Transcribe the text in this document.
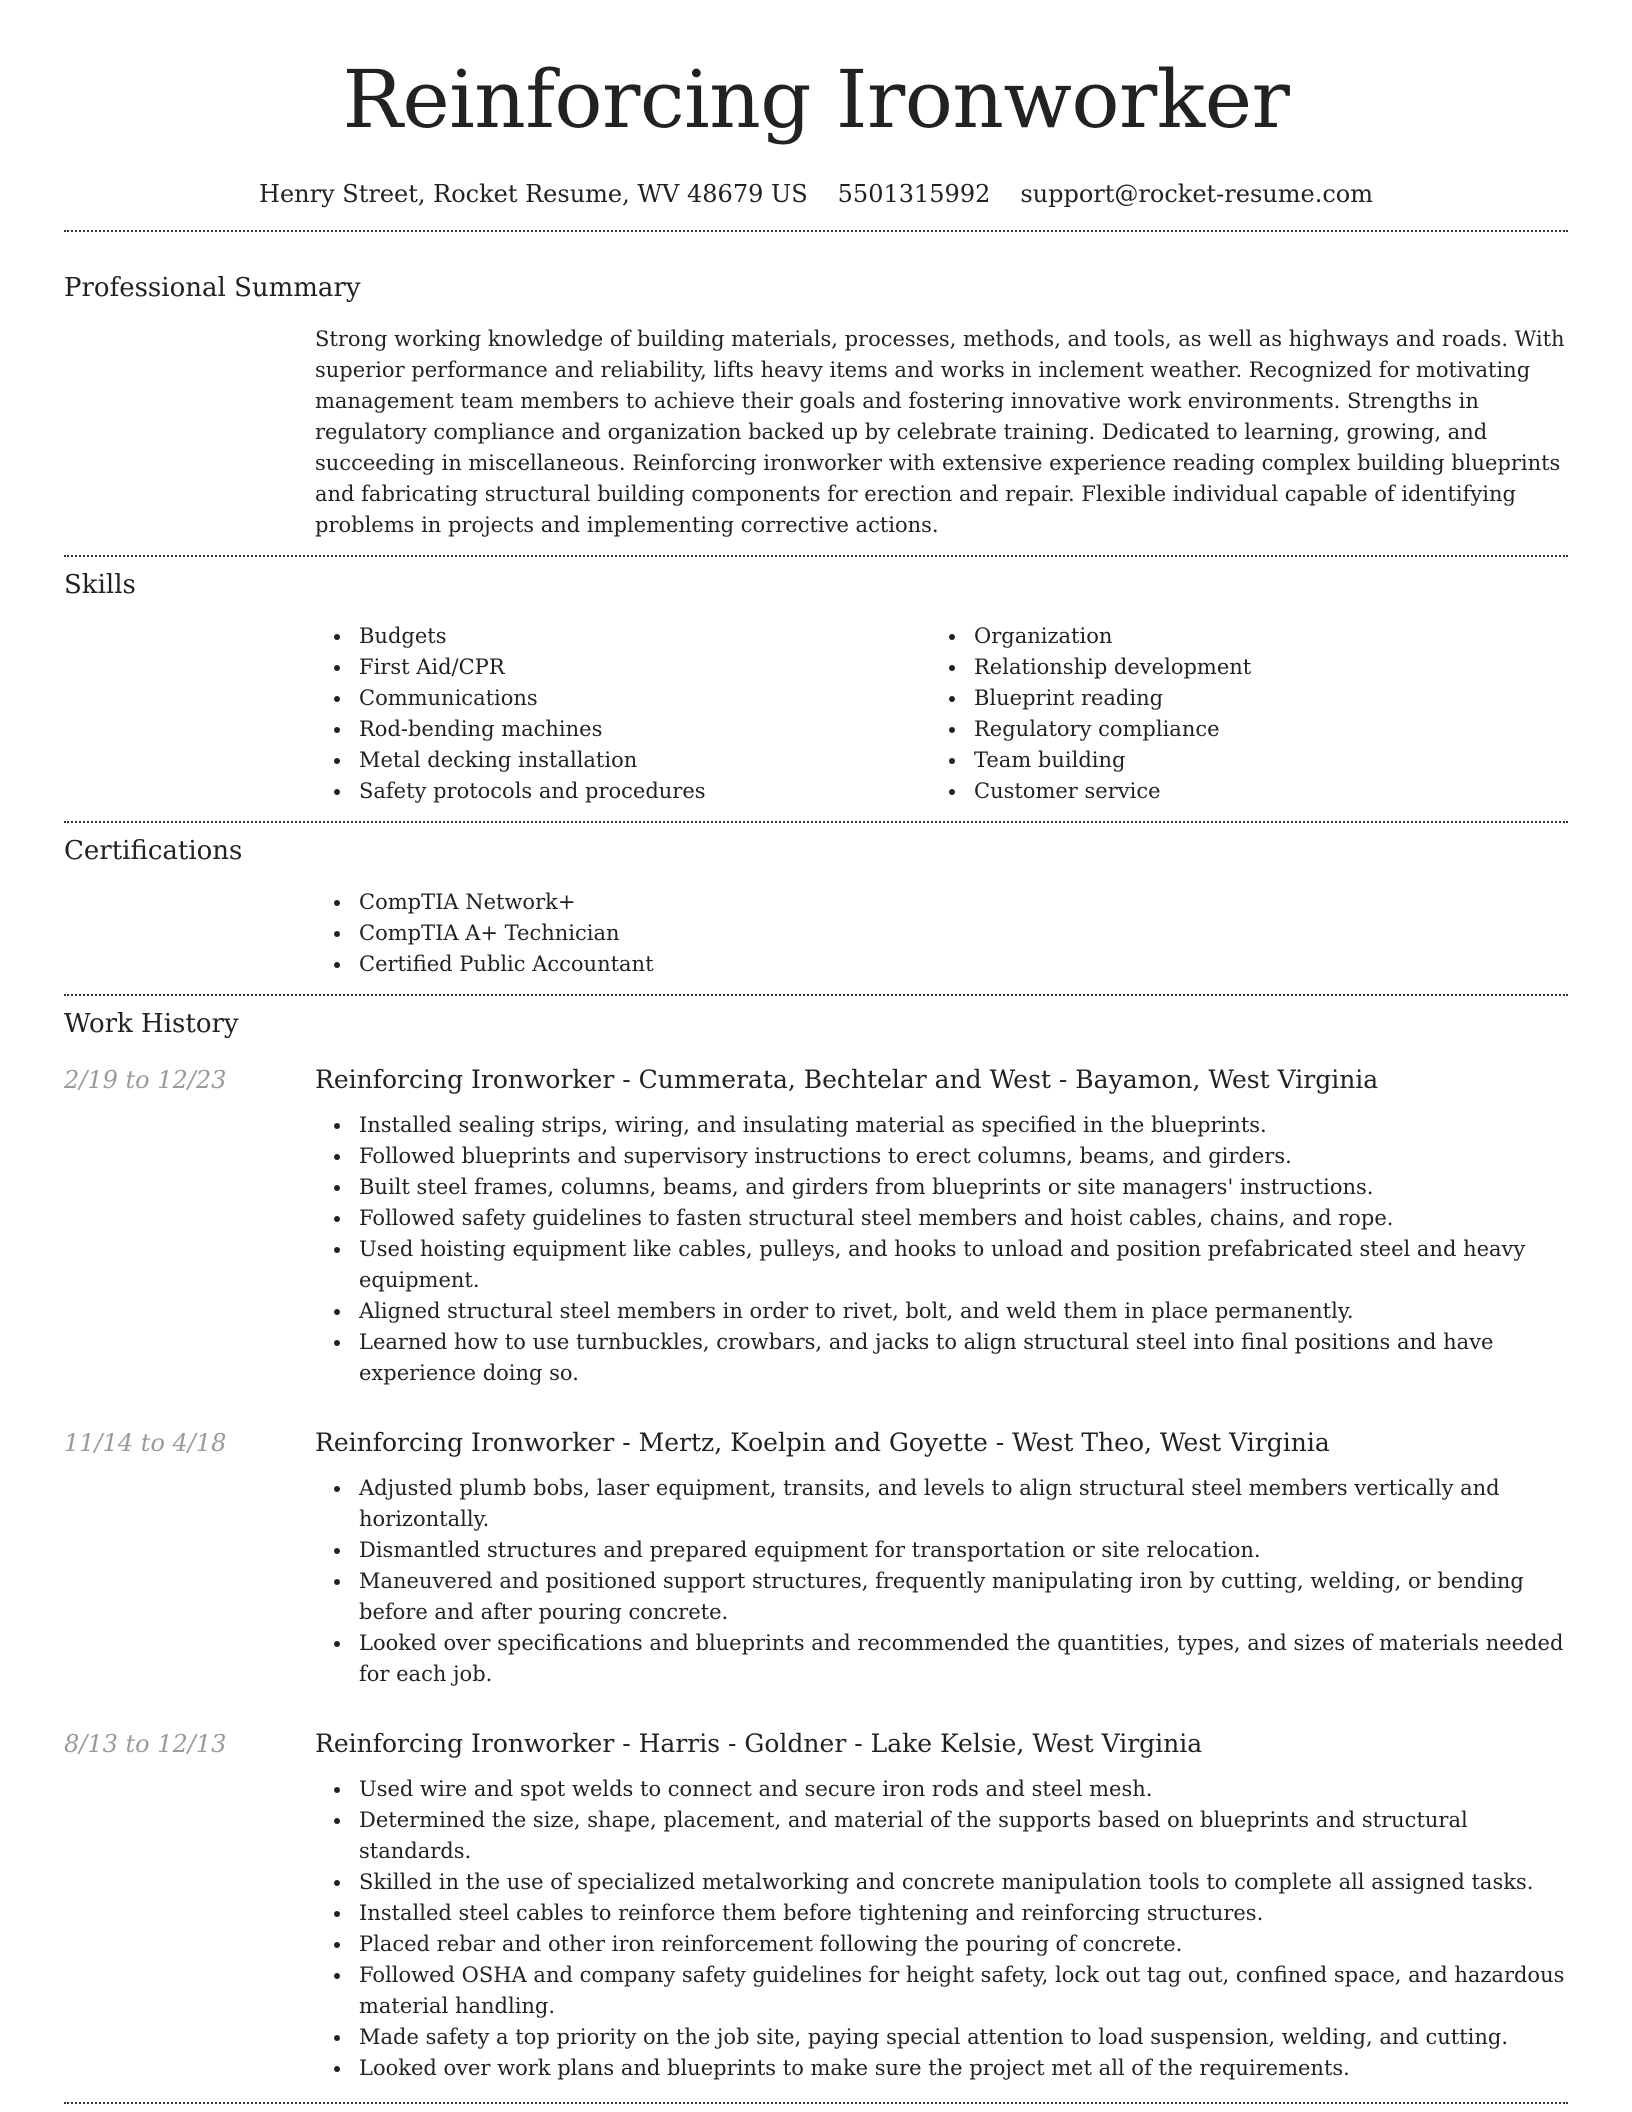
Reinforcing Ironworker
Henry Street, Rocket Resume, WV 48679 US 5501315992 support@rocket-resume.com
Professional Summary
Strong working knowledge of building materials, processes, methods, and tools, as well as highways and roads. With superior performance and reliability, lifts heavy items and works in inclement weather. Recognized for motivating management team members to achieve their goals and fostering innovative work environments. Strengths in regulatory compliance and organization backed up by celebrate training. Dedicated to learning, growing, and succeeding in miscellaneous. Reinforcing ironworker with extensive experience reading complex building blueprints and fabricating structural building components for erection and repair. Flexible individual capable of identifying problems in projects and implementing corrective actions.
Skills
Budgets
First Aid/CPR
Communications
Rod-bending machines
Metal decking installation
Safety protocols and procedures
Organization
Relationship development
Blueprint reading
Regulatory compliance
Team building
Customer service
Certifications
CompTIA Network+
CompTIA A+ Technician
Certified Public Accountant
Work History
2/19 to 12/23	Reinforcing Ironworker - Cummerata, Bechtelar and West - Bayamon, West Virginia
Installed sealing strips, wiring, and insulating material as specified in the blueprints.
Followed blueprints and supervisory instructions to erect columns, beams, and girders.
Built steel frames, columns, beams, and girders from blueprints or site managers' instructions.
Followed safety guidelines to fasten structural steel members and hoist cables, chains, and rope.
Used hoisting equipment like cables, pulleys, and hooks to unload and position prefabricated steel and heavy equipment.
Aligned structural steel members in order to rivet, bolt, and weld them in place permanently.
Learned how to use turnbuckles, crowbars, and jacks to align structural steel into final positions and have experience doing so.
11/14 to 4/18	Reinforcing Ironworker - Mertz, Koelpin and Goyette - West Theo, West Virginia
Adjusted plumb bobs, laser equipment, transits, and levels to align structural steel members vertically and horizontally.
Dismantled structures and prepared equipment for transportation or site relocation.
Maneuvered and positioned support structures, frequently manipulating iron by cutting, welding, or bending before and after pouring concrete.
Looked over specifications and blueprints and recommended the quantities, types, and sizes of materials needed for each job.
8/13 to 12/13	Reinforcing Ironworker - Harris - Goldner - Lake Kelsie, West Virginia
Used wire and spot welds to connect and secure iron rods and steel mesh.
Determined the size, shape, placement, and material of the supports based on blueprints and structural standards.
Skilled in the use of specialized metalworking and concrete manipulation tools to complete all assigned tasks.
Installed steel cables to reinforce them before tightening and reinforcing structures.
Placed rebar and other iron reinforcement following the pouring of concrete.
Followed OSHA and company safety guidelines for height safety, lock out tag out, confined space, and hazardous material handling.
Made safety a top priority on the job site, paying special attention to load suspension, welding, and cutting.
Looked over work plans and blueprints to make sure the project met all of the requirements.
